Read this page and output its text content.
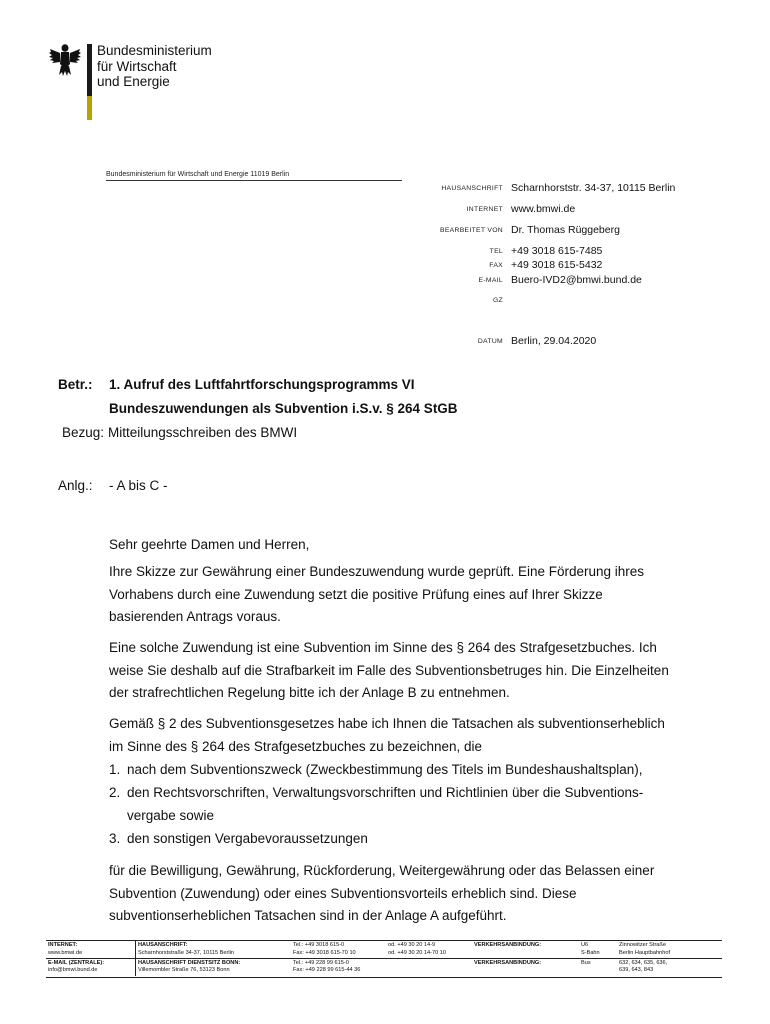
Bundesministerium
für Wirtschaft
und Energie
Bundesministerium für Wirtschaft und Energie 11019 Berlin
HAUSANSCHRIFT Scharnhorststr. 34-37, 10115 Berlin
INTERNET www.bmwi.de
BEARBEITET VON Dr. Thomas Rüggeberg
TEL +49 3018 615-7485
FAX +49 3018 615-5432
E-MAIL Buero-IVD2@bmwi.bund.de
GZ
DATUM Berlin, 29.04.2020
Betr.: 1. Aufruf des Luftfahrtforschungsprogramms VI
Bundeszuwendungen als Subvention i.S.v. § 264 StGB
Bezug: Mitteilungsschreiben des BMWI
Anlg.: - A bis C -
Sehr geehrte Damen und Herren,
Ihre Skizze zur Gewährung einer Bundeszuwendung wurde geprüft. Eine Förderung ihres
Vorhabens durch eine Zuwendung setzt die positive Prüfung eines auf Ihrer Skizze
basierenden Antrags voraus.
Eine solche Zuwendung ist eine Subvention im Sinne des § 264 des Strafgesetzbuches. Ich
weise Sie deshalb auf die Strafbarkeit im Falle des Subventionsbetruges hin. Die Einzelheiten
der strafrechtlichen Regelung bitte ich der Anlage B zu entnehmen.
Gemäß § 2 des Subventionsgesetzes habe ich Ihnen die Tatsachen als subventionserheblich
im Sinne des § 264 des Strafgesetzbuches zu bezeichnen, die
1. nach dem Subventionszweck (Zweckbestimmung des Titels im Bundeshaushaltsplan),
2. den Rechtsvorschriften, Verwaltungsvorschriften und Richtlinien über die Subventions-
vergabe sowie
3. den sonstigen Vergabevoraussetzungen
für die Bewilligung, Gewährung, Rückforderung, Weitergewährung oder das Belassen einer
Subvention (Zuwendung) oder eines Subventionsvorteils erheblich sind. Diese
subventionserheblichen Tatsachen sind in der Anlage A aufgeführt.
INTERNET:
www.bmwi.de
E-MAIL (ZENTRALE):
info@bmwi.bund.de
HAUSANSCHRIFT:
Scharnhorststraße 34-37, 10115 Berlin
HAUSANSCHRIFT DIENSTSITZ BONN:
Villemombler Straße 76, 53123 Bonn
Tel.: +49 3018 615-0
Fax: +49 3018 615-70 10
Tel.: +49 228 99 615-0
Fax: +49 228 99 615-44 36
od. +49 30 20 14-9
od. +49 30 20 14-70 10
VERKEHRSANBINDUNG:
VERKEHRSANBINDUNG:
U6
S-Bahn
Bus
Zinnowitzer Straße
Berlin Hauptbahnhof
632, 634, 635, 636,
639, 643, 843
